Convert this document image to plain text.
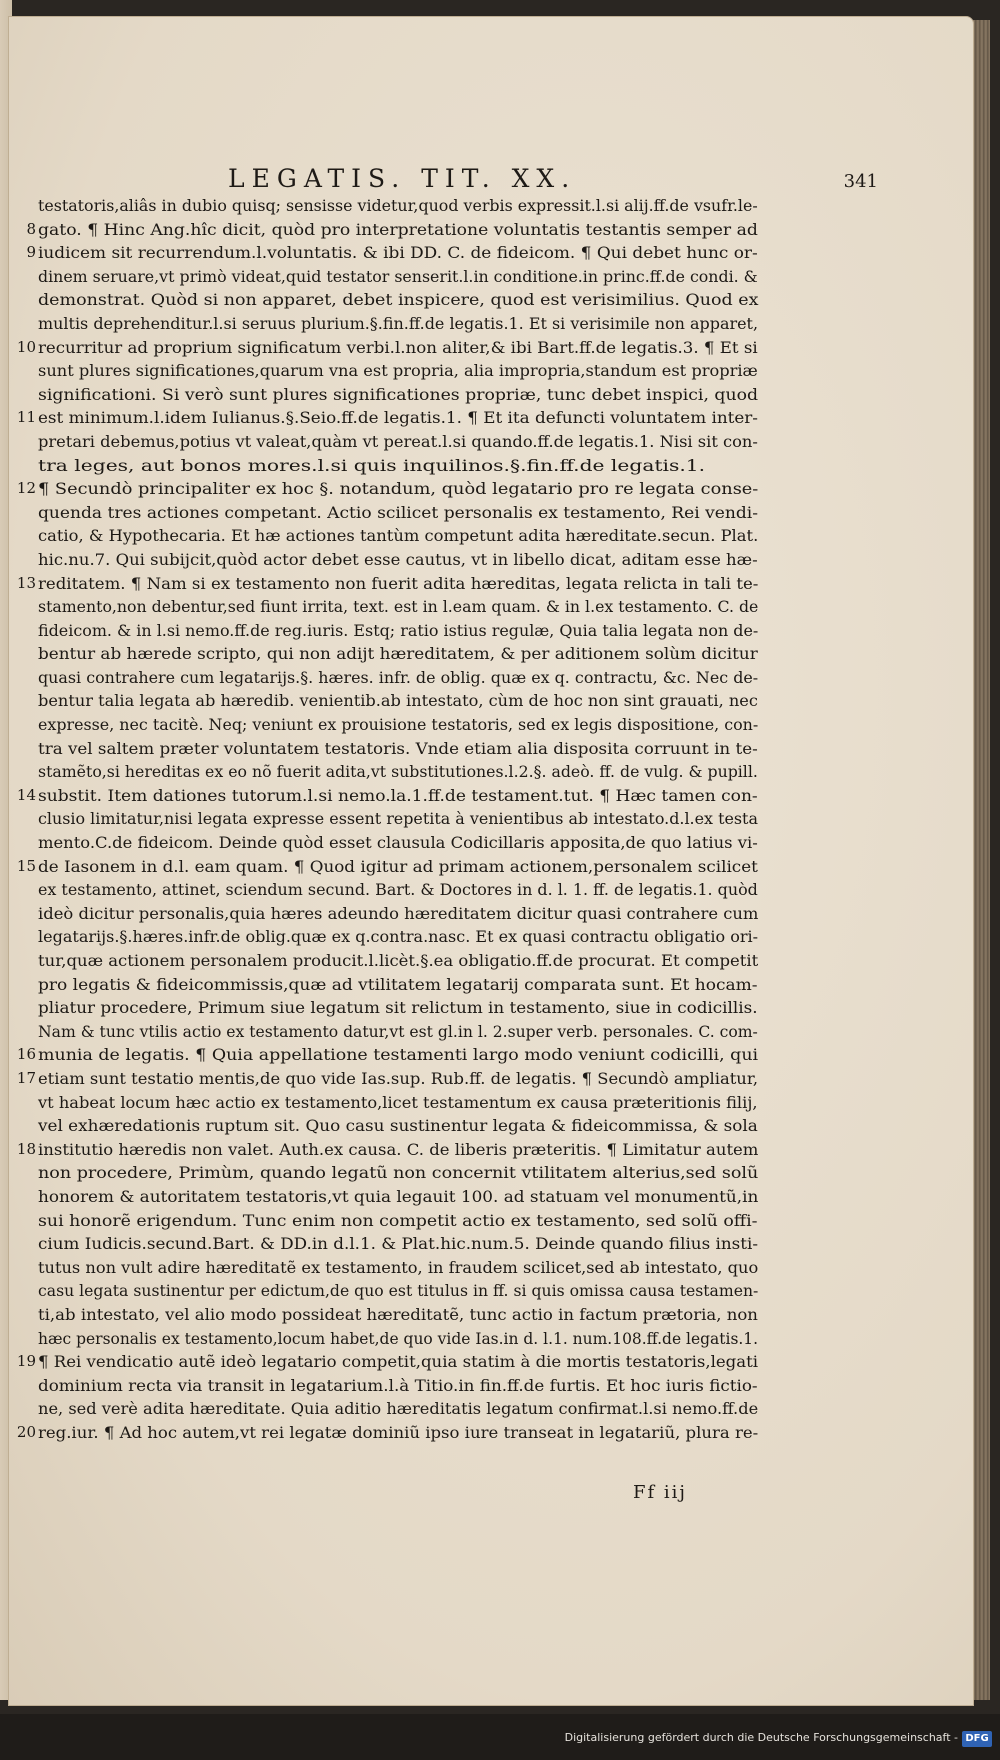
LEGATIS. TIT. XX.	341
testatoris,aliâs in dubio quisq; sensisse videtur,quod verbis expressit.l.si alij.ff.de vsufr.le-
8 gato. ¶ Hinc Ang.hîc dicit, quòd pro interpretatione voluntatis testantis semper ad
9 iudicem sit recurrendum.l.voluntatis. & ibi DD. C. de fideicom. ¶ Qui debet hunc or-
dinem seruare,vt primò videat,quid testator senserit.l.in conditione.in princ.ff.de condi. &
demonstrat. Quòd si non apparet, debet inspicere, quod est verisimilius. Quod ex
multis deprehenditur.l.si seruus plurium.§.fin.ff.de legatis.1. Et si verisimile non apparet,
10 recurritur ad proprium significatum verbi.l.non aliter,& ibi Bart.ff.de legatis.3. ¶ Et si
sunt plures significationes,quarum vna est propria, alia impropria,standum est propriæ
significationi. Si verò sunt plures significationes propriæ, tunc debet inspici, quod
11 est minimum.l.idem Iulianus.§.Seio.ff.de legatis.1. ¶ Et ita defuncti voluntatem inter-
pretari debemus,potius vt valeat,quàm vt pereat.l.si quando.ff.de legatis.1. Nisi sit con-
tra leges, aut bonos mores.l.si quis inquilinos.§.fin.ff.de legatis.1.
12 ¶ Secundò principaliter ex hoc §. notandum, quòd legatario pro re legata conse-
quenda tres actiones competant. Actio scilicet personalis ex testamento, Rei vendi-
catio, & Hypothecaria. Et hæ actiones tantùm competunt adita hæreditate.secun. Plat.
hic.nu.7. Qui subijcit,quòd actor debet esse cautus, vt in libello dicat, aditam esse hæ-
13 reditatem. ¶ Nam si ex testamento non fuerit adita hæreditas, legata relicta in tali te-
stamento,non debentur,sed fiunt irrita, text. est in l.eam quam. & in l.ex testamento. C. de
fideicom. & in l.si nemo.ff.de reg.iuris. Estq; ratio istius regulæ, Quia talia legata non de-
bentur ab hærede scripto, qui non adijt hæreditatem, & per aditionem solùm dicitur
quasi contrahere cum legatarijs.§. hæres. infr. de oblig. quæ ex q. contractu, &c. Nec de-
bentur talia legata ab hæredib. venientib.ab intestato, cùm de hoc non sint grauati, nec
expresse, nec tacitè. Neq; veniunt ex prouisione testatoris, sed ex legis dispositione, con-
tra vel saltem præter voluntatem testatoris. Vnde etiam alia disposita corruunt in te-
stamẽto,si hereditas ex eo nõ fuerit adita,vt substitutiones.l.2.§. adeò. ff. de vulg. & pupill.
14 substit. Item dationes tutorum.l.si nemo.la.1.ff.de testament.tut. ¶ Hæc tamen con-
clusio limitatur,nisi legata expresse essent repetita à venientibus ab intestato.d.l.ex testa
mento.C.de fideicom. Deinde quòd esset clausula Codicillaris apposita,de quo latius vi-
15 de Iasonem in d.l. eam quam. ¶ Quod igitur ad primam actionem,personalem scilicet
ex testamento, attinet, sciendum secund. Bart. & Doctores in d. l. 1. ff. de legatis.1. quòd
ideò dicitur personalis,quia hæres adeundo hæreditatem dicitur quasi contrahere cum
legatarijs.§.hæres.infr.de oblig.quæ ex q.contra.nasc. Et ex quasi contractu obligatio ori-
tur,quæ actionem personalem producit.l.licèt.§.ea obligatio.ff.de procurat. Et competit
pro legatis & fideicommissis,quæ ad vtilitatem legatarij comparata sunt. Et hocam-
pliatur procedere, Primum siue legatum sit relictum in testamento, siue in codicillis.
Nam & tunc vtilis actio ex testamento datur,vt est gl.in l. 2.super verb. personales. C. com-
16 munia de legatis. ¶ Quia appellatione testamenti largo modo veniunt codicilli, qui
17 etiam sunt testatio mentis,de quo vide Ias.sup. Rub.ff. de legatis. ¶ Secundò ampliatur,
vt habeat locum hæc actio ex testamento,licet testamentum ex causa præteritionis filij,
vel exhæredationis ruptum sit. Quo casu sustinentur legata & fideicommissa, & sola
18 institutio hæredis non valet. Auth.ex causa. C. de liberis præteritis. ¶ Limitatur autem
non procedere, Primùm, quando legatũ non concernit vtilitatem alterius,sed solũ
honorem & autoritatem testatoris,vt quia legauit 100. ad statuam vel monumentũ,in
sui honorẽ erigendum. Tunc enim non competit actio ex testamento, sed solũ offi-
cium Iudicis.secund.Bart. & DD.in d.l.1. & Plat.hic.num.5. Deinde quando filius insti-
tutus non vult adire hæreditatẽ ex testamento, in fraudem scilicet,sed ab intestato, quo
casu legata sustinentur per edictum,de quo est titulus in ff. si quis omissa causa testamen-
ti,ab intestato, vel alio modo possideat hæreditatẽ, tunc actio in factum prætoria, non
hæc personalis ex testamento,locum habet,de quo vide Ias.in d. l.1. num.108.ff.de legatis.1.
19 ¶ Rei vendicatio autẽ ideò legatario competit,quia statim à die mortis testatoris,legati
dominium recta via transit in legatarium.l.à Titio.in fin.ff.de furtis. Et hoc iuris fictio-
ne, sed verè adita hæreditate. Quia aditio hæreditatis legatum confirmat.l.si nemo.ff.de
20 reg.iur. ¶ Ad hoc autem,vt rei legatæ dominiũ ipso iure transeat in legatariũ, plura re-
Ff iij
Digitalisierung gefördert durch die Deutsche Forschungsgemeinschaft - DFG
